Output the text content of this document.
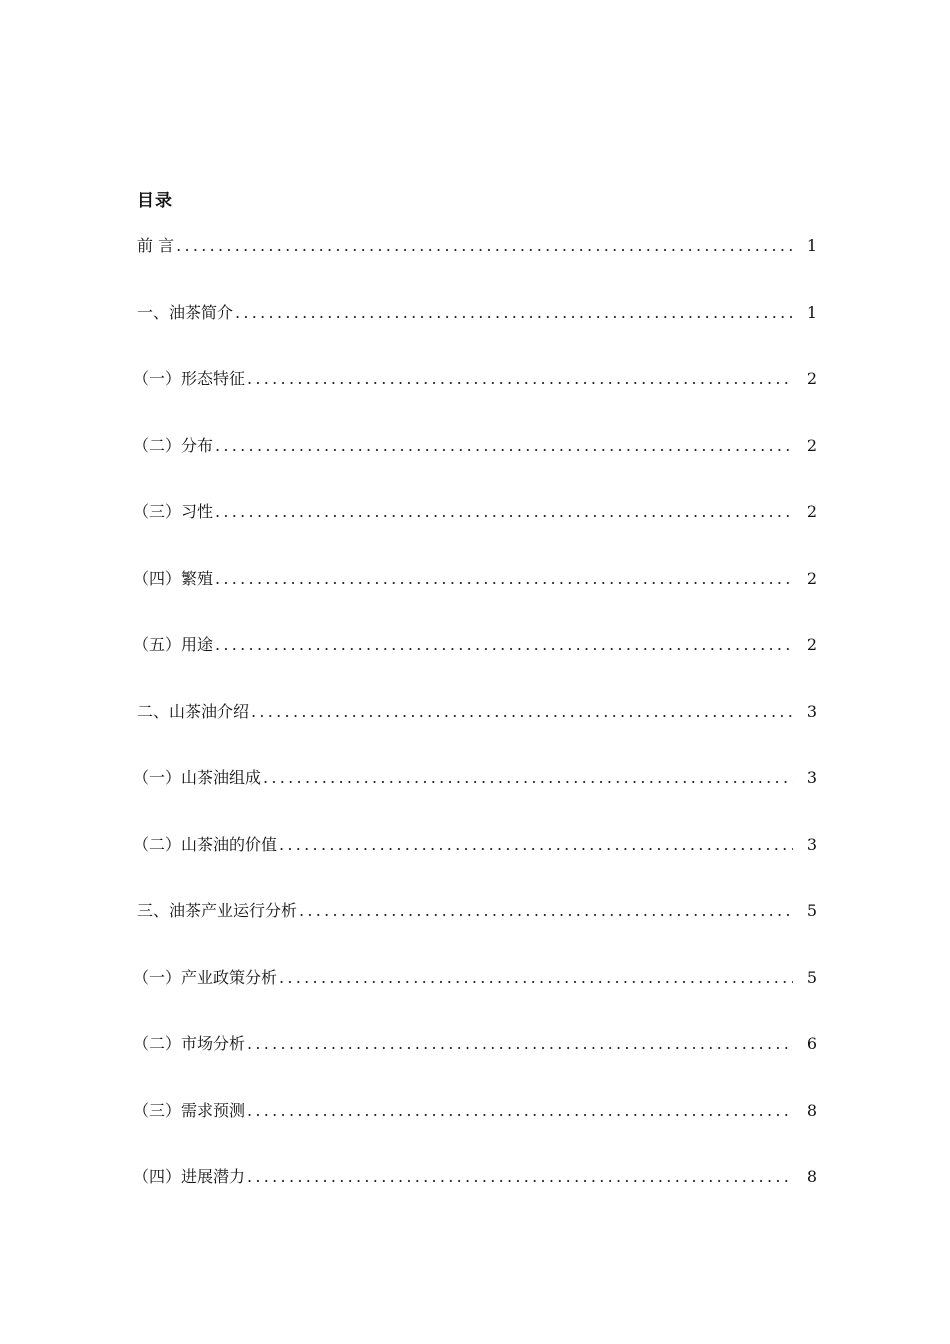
目录
前 言 .....	1
一、油茶简介 .....	1
（一）形态特征 .....	2
（二）分布 .....	2
（三）习性 .....	2
（四）繁殖 .....	2
（五）用途 .....	2
二、山茶油介绍 .....	3
（一）山茶油组成 .....	3
（二）山茶油的价值 .....	3
三、油茶产业运行分析 .....	5
（一）产业政策分析 .....	5
（二）市场分析 .....	6
（三）需求预测 .....	8
（四）进展潜力 .....	8
